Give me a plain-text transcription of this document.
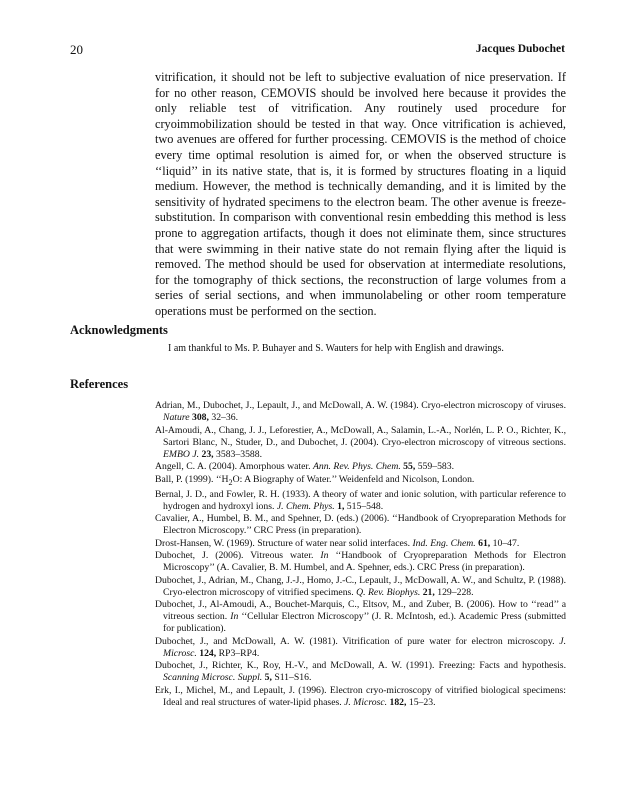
20	Jacques Dubochet

vitrification, it should not be left to subjective evaluation of nice preservation. If for no other reason, CEMOVIS should be involved here because it provides the only reliable test of vitrification. Any routinely used procedure for cryoimmobilization should be tested in that way. Once vitrification is achieved, two avenues are offered for further processing. CEMOVIS is the method of choice every time optimal resolution is aimed for, or when the observed structure is ‘‘liquid’’ in its native state, that is, it is formed by structures floating in a liquid medium. However, the method is technically demanding, and it is limited by the sensitivity of hydrated specimens to the electron beam. The other avenue is freeze-substitution. In comparison with conventional resin embedding this method is less prone to aggregation artifacts, though it does not eliminate them, since structures that were swimming in their native state do not remain flying after the liquid is removed. The method should be used for observation at intermediate resolutions, for the tomography of thick sections, the reconstruction of large volumes from a series of serial sections, and when immunolabeling or other room temperature operations must be performed on the section.

Acknowledgments

I am thankful to Ms. P. Buhayer and S. Wauters for help with English and drawings.

References
Adrian, M., Dubochet, J., Lepault, J., and McDowall, A. W. (1984). Cryo-electron microscopy of viruses. Nature 308, 32–36.
Al-Amoudi, A., Chang, J. J., Leforestier, A., McDowall, A., Salamin, L.-A., Norlén, L. P. O., Richter, K., Sartori Blanc, N., Studer, D., and Dubochet, J. (2004). Cryo-electron microscopy of vitreous sections. EMBO J. 23, 3583–3588.
Angell, C. A. (2004). Amorphous water. Ann. Rev. Phys. Chem. 55, 559–583.
Ball, P. (1999). ‘‘$H_2O$: A Biography of Water.’’ Weidenfeld and Nicolson, London.
Bernal, J. D., and Fowler, R. H. (1933). A theory of water and ionic solution, with particular reference to hydrogen and hydroxyl ions. J. Chem. Phys. 1, 515–548.
Cavalier, A., Humbel, B. M., and Spehner, D. (eds.) (2006). ‘‘Handbook of Cryopreparation Methods for Electron Microscopy.’’ CRC Press (in preparation).
Drost-Hansen, W. (1969). Structure of water near solid interfaces. Ind. Eng. Chem. 61, 10–47.
Dubochet, J. (2006). Vitreous water. In ‘‘Handbook of Cryopreparation Methods for Electron Microscopy’’ (A. Cavalier, B. M. Humbel, and A. Spehner, eds.). CRC Press (in preparation).
Dubochet, J., Adrian, M., Chang, J.-J., Homo, J.-C., Lepault, J., McDowall, A. W., and Schultz, P. (1988). Cryo-electron microscopy of vitrified specimens. Q. Rev. Biophys. 21, 129–228.
Dubochet, J., Al-Amoudi, A., Bouchet-Marquis, C., Eltsov, M., and Zuber, B. (2006). How to ‘‘read’’ a vitreous section. In ‘‘Cellular Electron Microscopy’’ (J. R. McIntosh, ed.). Academic Press (submitted for publication).
Dubochet, J., and McDowall, A. W. (1981). Vitrification of pure water for electron microscopy. J. Microsc. 124, RP3–RP4.
Dubochet, J., Richter, K., Roy, H.-V., and McDowall, A. W. (1991). Freezing: Facts and hypothesis. Scanning Microsc. Suppl. 5, S11–S16.
Erk, I., Michel, M., and Lepault, J. (1996). Electron cryo-microscopy of vitrified biological specimens: Ideal and real structures of water-lipid phases. J. Microsc. 182, 15–23.
